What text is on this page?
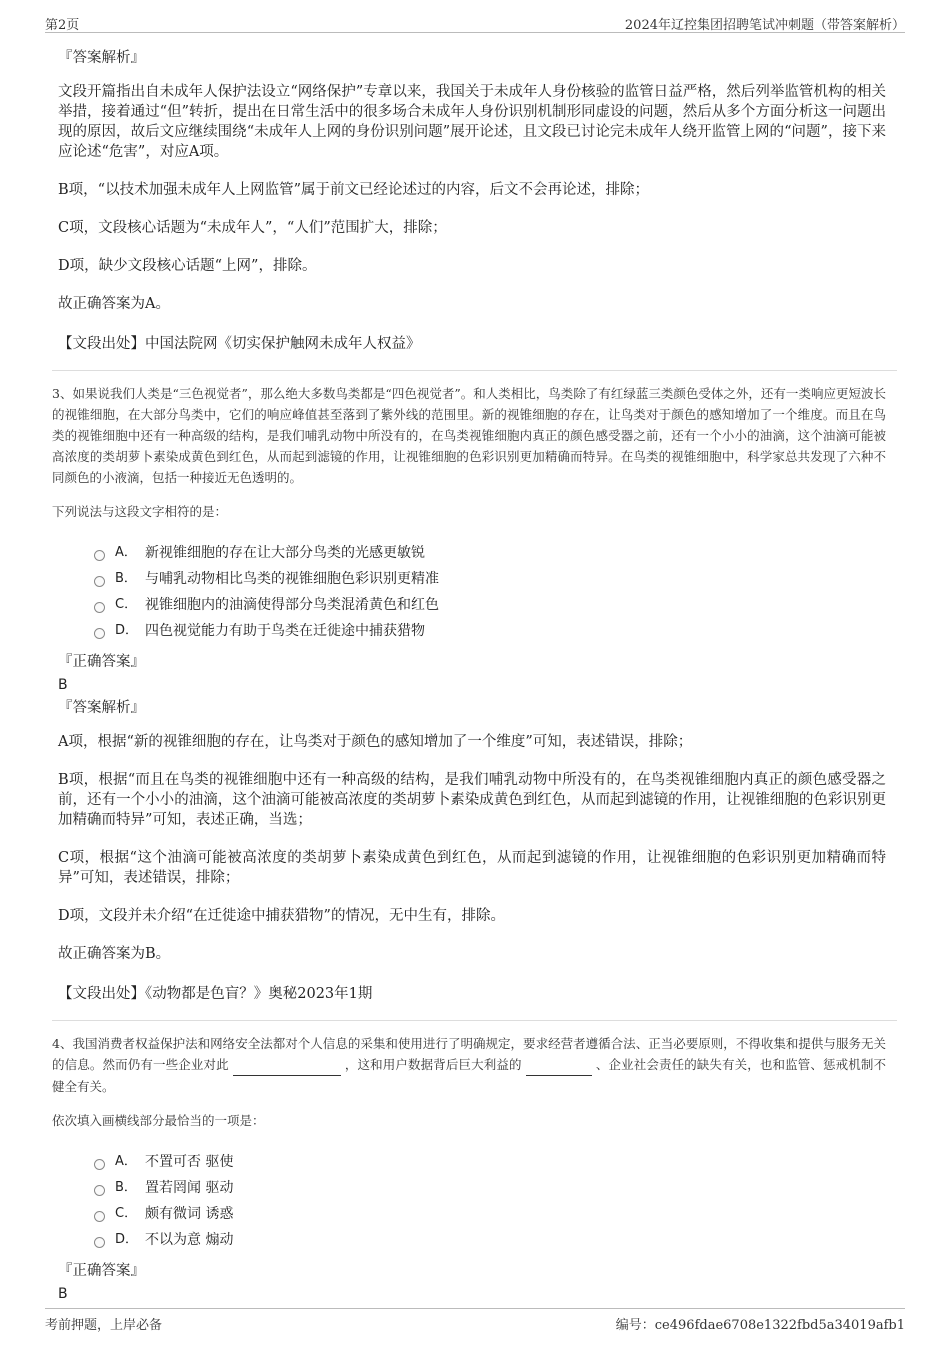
第2页	2024年辽控集团招聘笔试冲刺题（带答案解析）
『答案解析』
文段开篇指出自未成年人保护法设立“网络保护”专章以来，我国关于未成年人身份核验的监管日益严格，然后列举监管机构的相关举措，接着通过“但”转折，提出在日常生活中的很多场合未成年人身份识别机制形同虚设的问题，然后从多个方面分析这一问题出现的原因，故后文应继续围绕“未成年人上网的身份识别问题”展开论述，且文段已讨论完未成年人绕开监管上网的“问题”，接下来应论述“危害”，对应A项。
B项，“以技术加强未成年人上网监管”属于前文已经论述过的内容，后文不会再论述，排除；
C项，文段核心话题为“未成年人”，“人们”范围扩大，排除；
D项，缺少文段核心话题“上网”，排除。
故正确答案为A。
【文段出处】中国法院网《切实保护触网未成年人权益》
3、如果说我们人类是“三色视觉者”，那么绝大多数鸟类都是“四色视觉者”。和人类相比，鸟类除了有红绿蓝三类颜色受体之外，还有一类响应更短波长的视锥细胞，在大部分鸟类中，它们的响应峰值甚至落到了紫外线的范围里。新的视锥细胞的存在，让鸟类对于颜色的感知增加了一个维度。而且在鸟类的视锥细胞中还有一种高级的结构，是我们哺乳动物中所没有的，在鸟类视锥细胞内真正的颜色感受器之前，还有一个小小的油滴，这个油滴可能被高浓度的类胡萝卜素染成黄色到红色，从而起到滤镜的作用，让视锥细胞的色彩识别更加精确而特异。在鸟类的视锥细胞中，科学家总共发现了六种不同颜色的小液滴，包括一种接近无色透明的。
下列说法与这段文字相符的是：
A． 新视锥细胞的存在让大部分鸟类的光感更敏锐
B． 与哺乳动物相比鸟类的视锥细胞色彩识别更精准
C． 视锥细胞内的油滴使得部分鸟类混淆黄色和红色
D． 四色视觉能力有助于鸟类在迁徙途中捕获猎物
『正确答案』
B
『答案解析』
A项，根据“新的视锥细胞的存在，让鸟类对于颜色的感知增加了一个维度”可知，表述错误，排除；
B项，根据“而且在鸟类的视锥细胞中还有一种高级的结构，是我们哺乳动物中所没有的，在鸟类视锥细胞内真正的颜色感受器之前，还有一个小小的油滴，这个油滴可能被高浓度的类胡萝卜素染成黄色到红色，从而起到滤镜的作用，让视锥细胞的色彩识别更加精确而特异”可知，表述正确，当选；
C项，根据“这个油滴可能被高浓度的类胡萝卜素染成黄色到红色，从而起到滤镜的作用，让视锥细胞的色彩识别更加精确而特异”可知，表述错误，排除；
D项，文段并未介绍“在迁徙途中捕获猎物”的情况，无中生有，排除。
故正确答案为B。
【文段出处】《动物都是色盲？》奥秘2023年1期
4、我国消费者权益保护法和网络安全法都对个人信息的采集和使用进行了明确规定，要求经营者遵循合法、正当必要原则，不得收集和提供与服务无关的信息。然而仍有一些企业对此	，这和用户数据背后巨大利益的	、企业社会责任的缺失有关，也和监管、惩戒机制不健全有关。
依次填入画横线部分最恰当的一项是：
A． 不置可否 驱使
B． 置若罔闻 驱动
C． 颇有微词 诱惑
D． 不以为意 煽动
『正确答案』
B
考前押题，上岸必备	编号：ce496fdae6708e1322fbd5a34019afb1
